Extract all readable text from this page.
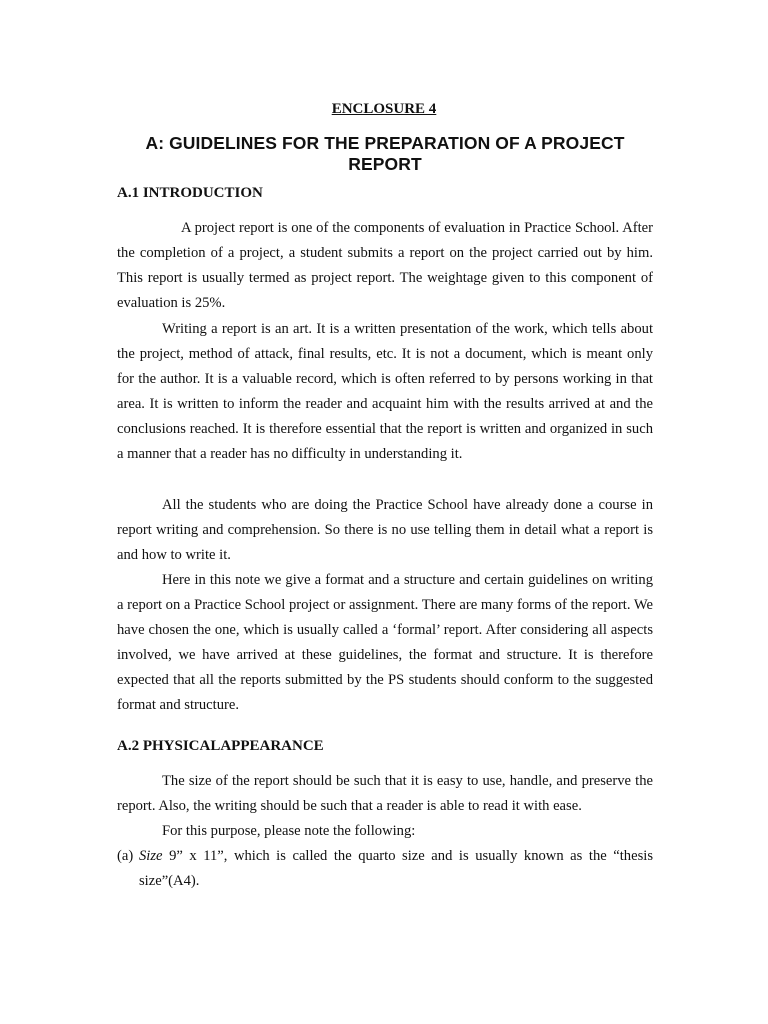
ENCLOSURE 4
A: GUIDELINES FOR THE PREPARATION OF A PROJECT REPORT
A.1 INTRODUCTION
A project report is one of the components of evaluation in Practice School. After the completion of a project, a student submits a report on the project carried out by him. This report is usually termed as project report. The weightage given to this component of evaluation is 25%.
Writing a report is an art. It is a written presentation of the work, which tells about the project, method of attack, final results, etc. It is not a document, which is meant only for the author. It is a valuable record, which is often referred to by persons working in that area. It is written to inform the reader and acquaint him with the results arrived at and the conclusions reached. It is therefore essential that the report is written and organized in such a manner that a reader has no difficulty in understanding it.
All the students who are doing the Practice School have already done a course in report writing and comprehension. So there is no use telling them in detail what a report is and how to write it.
Here in this note we give a format and a structure and certain guidelines on writing a report on a Practice School project or assignment. There are many forms of the report. We have chosen the one, which is usually called a ‘formal’ report. After considering all aspects involved, we have arrived at these guidelines, the format and structure. It is therefore expected that all the reports submitted by the PS students should conform to the suggested format and structure.
A.2 PHYSICALAPPEARANCE
The size of the report should be such that it is easy to use, handle, and preserve the report. Also, the writing should be such that a reader is able to read it with ease.
For this purpose, please note the following:
(a) Size 9” x 11”, which is called the quarto size and is usually known as the “thesis size”(A4).
